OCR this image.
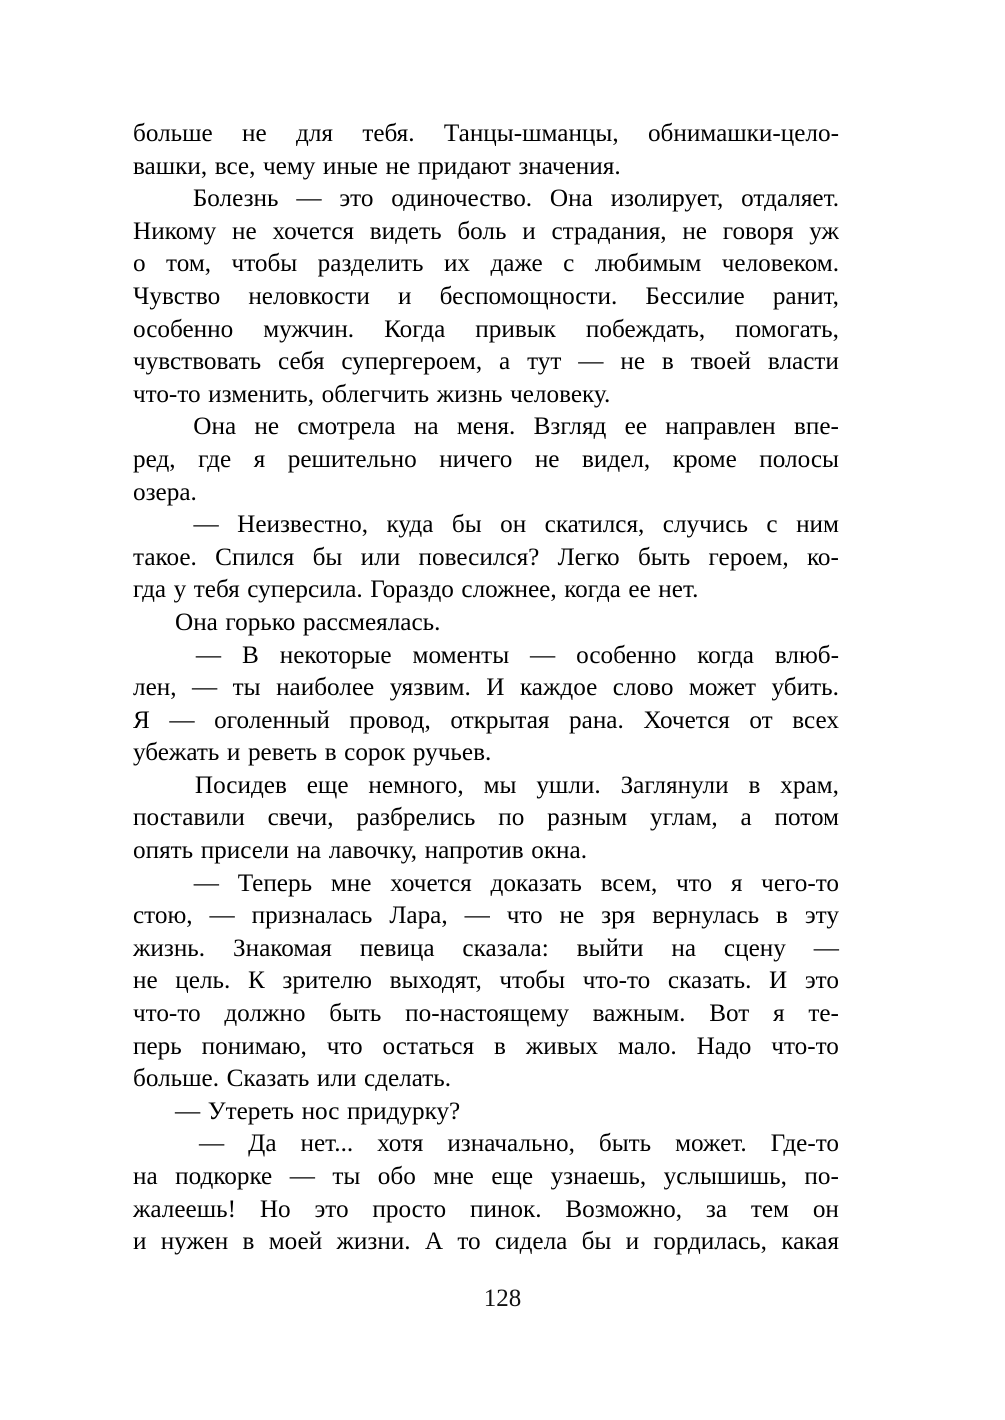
больше не для тебя. Танцы‑шманцы, обнимашки‑цело‑
вашки, все, чему иные не придают значения.
Болезнь — это одиночество. Она изолирует, отдаляет.
Никому не хочется видеть боль и страдания, не говоря уж
о том, чтобы разделить их даже с любимым человеком.
Чувство неловкости и беспомощности. Бессилие ранит,
особенно мужчин. Когда привык побеждать, помогать,
чувствовать себя супергероем, а тут — не в твоей власти
что‑то изменить, облегчить жизнь человеку.
Она не смотрела на меня. Взгляд ее направлен впе‑
ред, где я решительно ничего не видел, кроме полосы
озера.
— Неизвестно, куда бы он скатился, случись с ним
такое. Спился бы или повесился? Легко быть героем, ко‑
гда у тебя суперсила. Гораздо сложнее, когда ее нет.
Она горько рассмеялась.
— В некоторые моменты — особенно когда влюб‑
лен, — ты наиболее уязвим. И каждое слово может убить.
Я — оголенный провод, открытая рана. Хочется от всех
убежать и реветь в сорок ручьев.
Посидев еще немного, мы ушли. Заглянули в храм,
поставили свечи, разбрелись по разным углам, а потом
опять присели на лавочку, напротив окна.
— Теперь мне хочется доказать всем, что я чего‑то
стою, — призналась Лара, — что не зря вернулась в эту
жизнь. Знакомая певица сказала: выйти на сцену —
не цель. К зрителю выходят, чтобы что‑то сказать. И это
что‑то должно быть по‑настоящему важным. Вот я те‑
перь понимаю, что остаться в живых мало. Надо что‑то
больше. Сказать или сделать.
— Утереть нос придурку?
— Да нет... хотя изначально, быть может. Где‑то
на подкорке — ты обо мне еще узнаешь, услышишь, по‑
жалеешь! Но это просто пинок. Возможно, за тем он
и нужен в моей жизни. А то сидела бы и гордилась, какая
128
